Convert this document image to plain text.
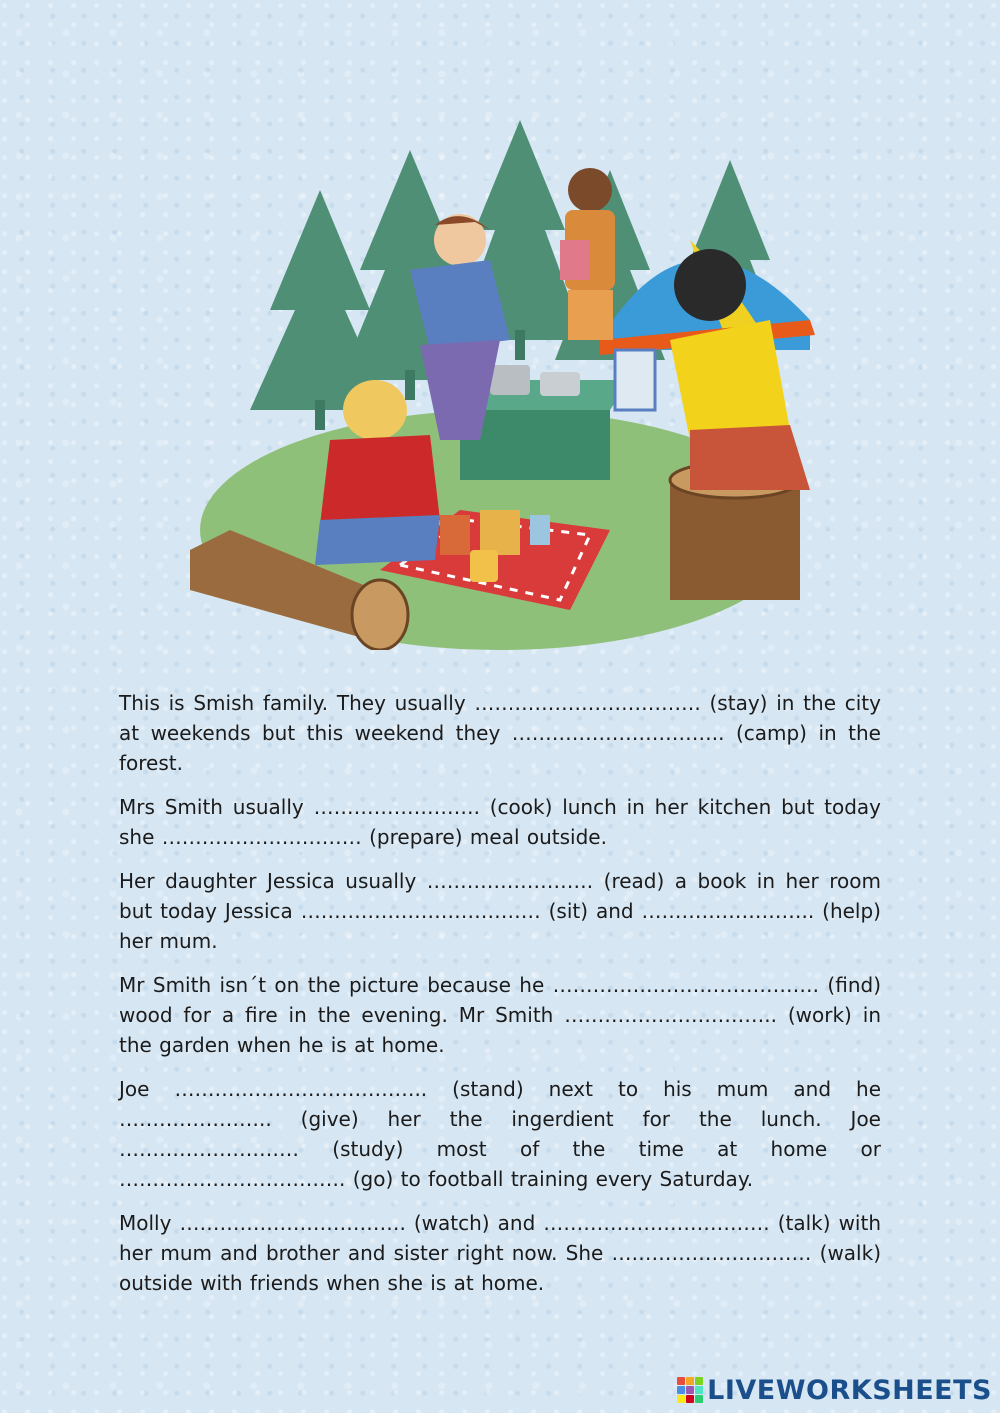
This is Smish family. They usually ……………………………. (stay) in the city at weekends but this weekend they ………………………….. (camp) in the forest.

Mrs Smith usually ……………………. (cook) lunch in her kitchen but today she ………………………… (prepare) meal outside.

Her daughter Jessica usually ……………………. (read) a book in her room but today Jessica ……………………………… (sit) and …………………….. (help) her mum.

Mr Smith isn´t on the picture because he …………………………………. (find) wood for a fire in the evening. Mr Smith ………………………….. (work) in the garden when he is at home.

Joe ……………………………….. (stand) next to his mum and he ………………….. (give) her the ingerdient for the lunch. Joe ……………………… (study) most of the time at home or ……………………………. (go) to football training every Saturday.

Molly ……………………………. (watch) and ……………………………. (talk) with her mum and brother and sister right now. She ………………………… (walk) outside with friends when she is at home.

LIVEWORKSHEETS
